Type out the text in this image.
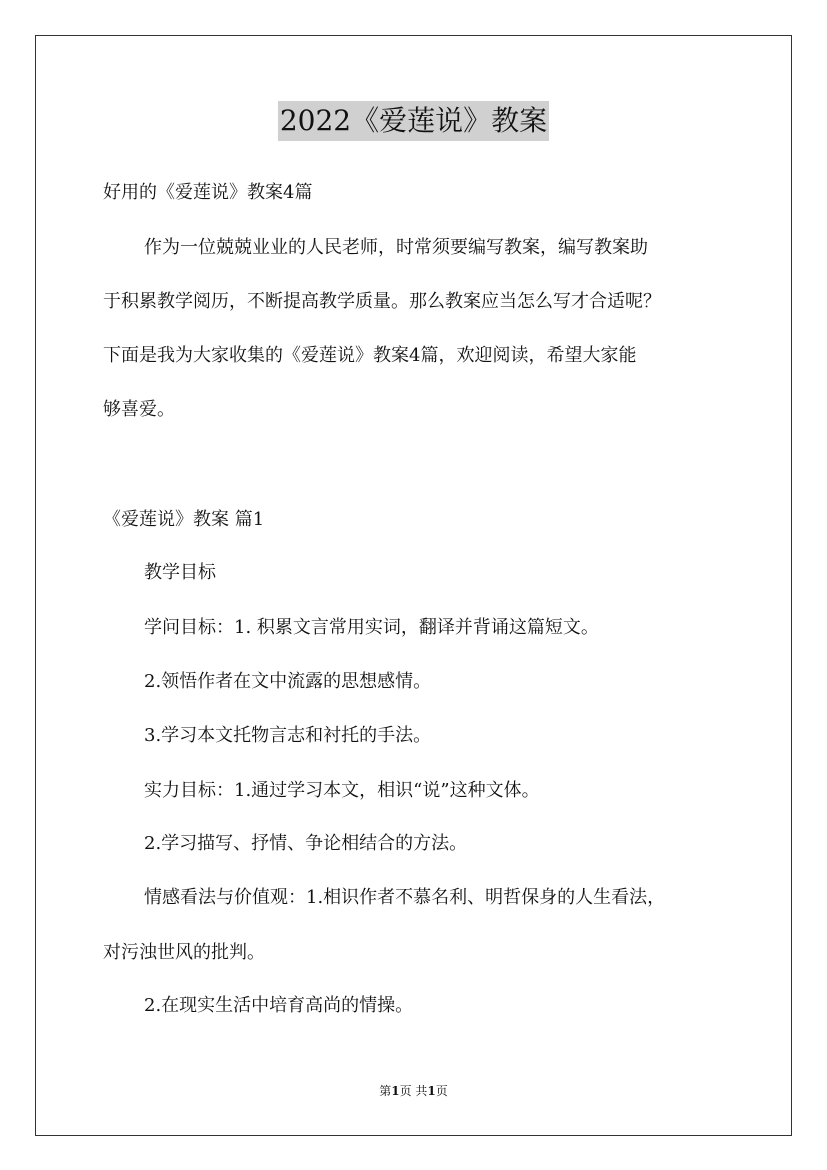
2022《爱莲说》教案
好用的《爱莲说》教案4篇
作为一位兢兢业业的人民老师，时常须要编写教案，编写教案助
于积累教学阅历，不断提高教学质量。那么教案应当怎么写才合适呢？
下面是我为大家收集的《爱莲说》教案4篇，欢迎阅读，希望大家能
够喜爱。
《爱莲说》教案 篇1
教学目标
学问目标：1. 积累文言常用实词，翻译并背诵这篇短文。
2.领悟作者在文中流露的思想感情。
3.学习本文托物言志和衬托的手法。
实力目标：1.通过学习本文，相识“说”这种文体。
2.学习描写、抒情、争论相结合的方法。
情感看法与价值观：1.相识作者不慕名利、明哲保身的人生看法，
对污浊世风的批判。
2.在现实生活中培育高尚的情操。
第1页 共1页
